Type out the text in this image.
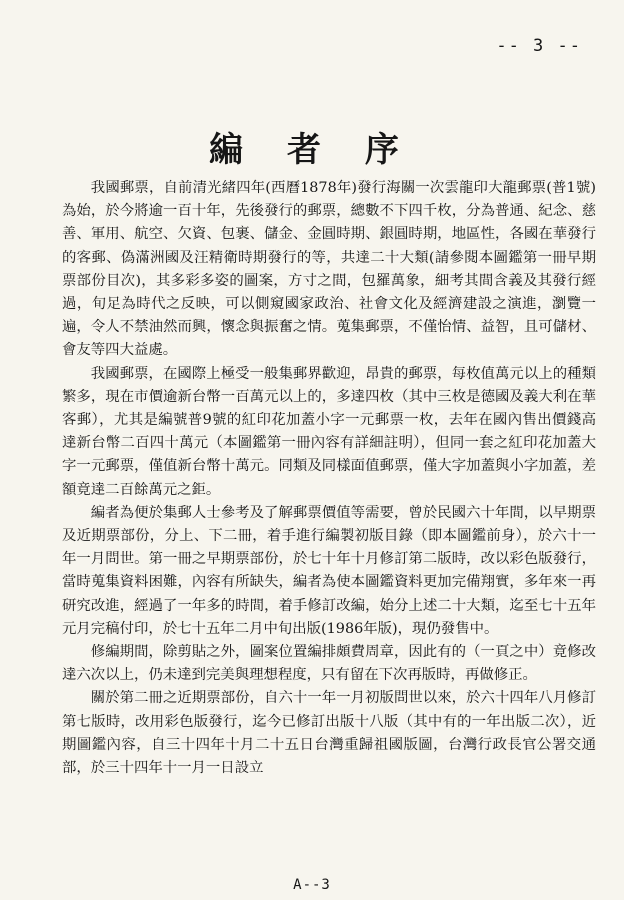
-- 3 --
編 者 序

我國郵票，自前清光緒四年(西曆1878年)發行海關一次雲龍印大龍郵票(普1號)為始，於今將逾一百十年，先後發行的郵票，總數不下四千枚，分為普通、紀念、慈善、軍用、航空、欠資、包裹、儲金、金圓時期、銀圓時期，地區性，各國在華發行的客郵、偽滿洲國及汪精衛時期發行的等，共達二十大類(請參閱本圖鑑第一冊早期票部份目次)，其多彩多姿的圖案，方寸之間，包羅萬象，細考其間含義及其發行經過，旬足為時代之反映，可以側窺國家政治、社會文化及經濟建設之演進，瀏覽一遍，令人不禁油然而興，懷念與振奮之情。蒐集郵票，不僅怡情、益智，且可儲材、會友等四大益處。

我國郵票，在國際上極受一般集郵界歡迎，昂貴的郵票，每枚值萬元以上的種類繁多，現在市價逾新台幣一百萬元以上的，多達四枚（其中三枚是德國及義大利在華客郵），尤其是編號普9號的紅印花加蓋小字一元郵票一枚，去年在國內售出價錢高達新台幣二百四十萬元（本圖鑑第一冊內容有詳細註明），但同一套之紅印花加蓋大字一元郵票，僅值新台幣十萬元。同類及同樣面值郵票，僅大字加蓋與小字加蓋，差額竟達二百餘萬元之鉅。

編者為便於集郵人士參考及了解郵票價值等需要，曾於民國六十年間，以早期票及近期票部份，分上、下二冊，着手進行編製初版目錄（即本圖鑑前身），於六十一年一月問世。第一冊之早期票部份，於七十年十月修訂第二版時，改以彩色版發行，當時蒐集資料困難，內容有所缺失，編者為使本圖鑑資料更加完備翔實，多年來一再研究改進，經過了一年多的時間，着手修訂改編，始分上述二十大類，迄至七十五年元月完稿付印，於七十五年二月中旬出版(1986年版)，現仍發售中。

修編期間，除剪貼之外，圖案位置編排頗費周章，因此有的（一頁之中）竟修改達六次以上，仍未達到完美與理想程度，只有留在下次再版時，再做修正。

關於第二冊之近期票部份，自六十一年一月初版問世以來，於六十四年八月修訂第七版時，改用彩色版發行，迄今已修訂出版十八版（其中有的一年出版二次），近期圖鑑內容，自三十四年十月二十五日台灣重歸祖國版圖，台灣行政長官公署交通部，於三十四年十一月一日設立

A--3
